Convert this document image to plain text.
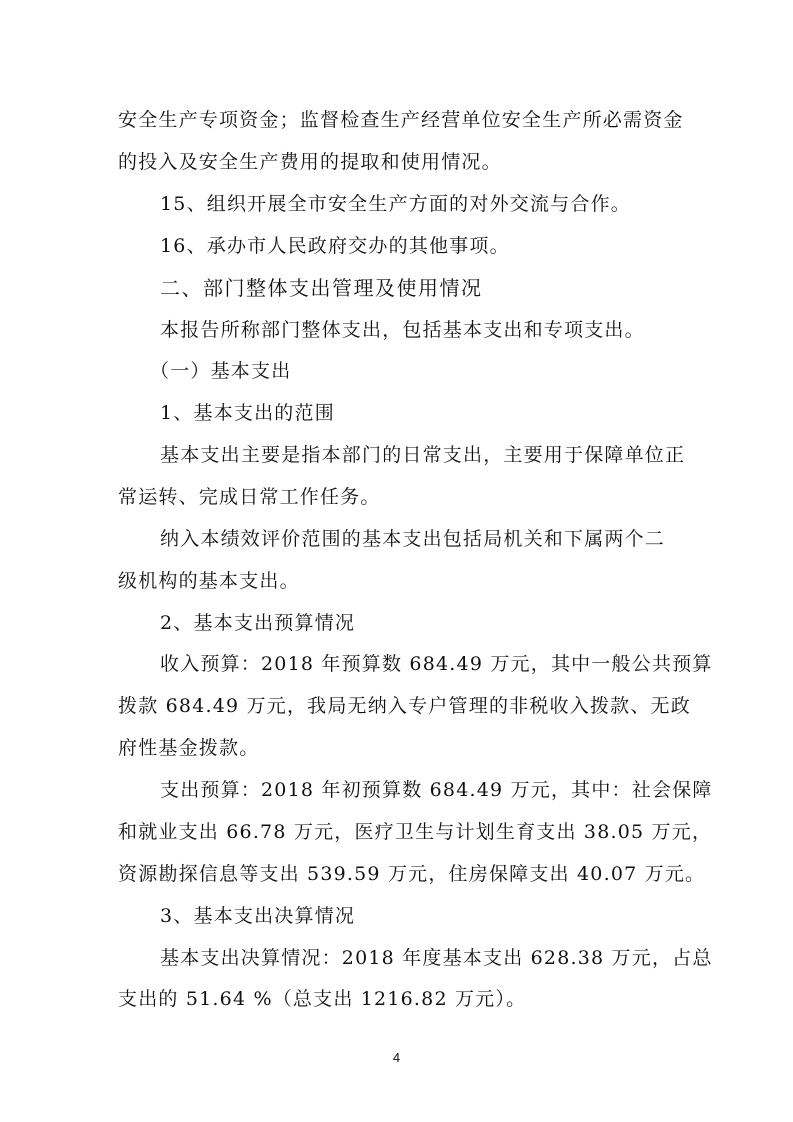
安全生产专项资金；监督检查生产经营单位安全生产所必需资金
的投入及安全生产费用的提取和使用情况。
15、组织开展全市安全生产方面的对外交流与合作。
16、承办市人民政府交办的其他事项。
二、部门整体支出管理及使用情况
本报告所称部门整体支出，包括基本支出和专项支出。
（一）基本支出
1、基本支出的范围
基本支出主要是指本部门的日常支出，主要用于保障单位正
常运转、完成日常工作任务。
纳入本绩效评价范围的基本支出包括局机关和下属两个二
级机构的基本支出。
2、基本支出预算情况
收入预算：2018 年预算数 684.49 万元，其中一般公共预算
拨款 684.49 万元，我局无纳入专户管理的非税收入拨款、无政
府性基金拨款。
支出预算：2018 年初预算数 684.49 万元，其中：社会保障
和就业支出 66.78 万元，医疗卫生与计划生育支出 38.05 万元，
资源勘探信息等支出 539.59 万元，住房保障支出 40.07 万元。
3、基本支出决算情况
基本支出决算情况：2018 年度基本支出 628.38 万元，占总
支出的 51.64 %（总支出 1216.82 万元）。
4
